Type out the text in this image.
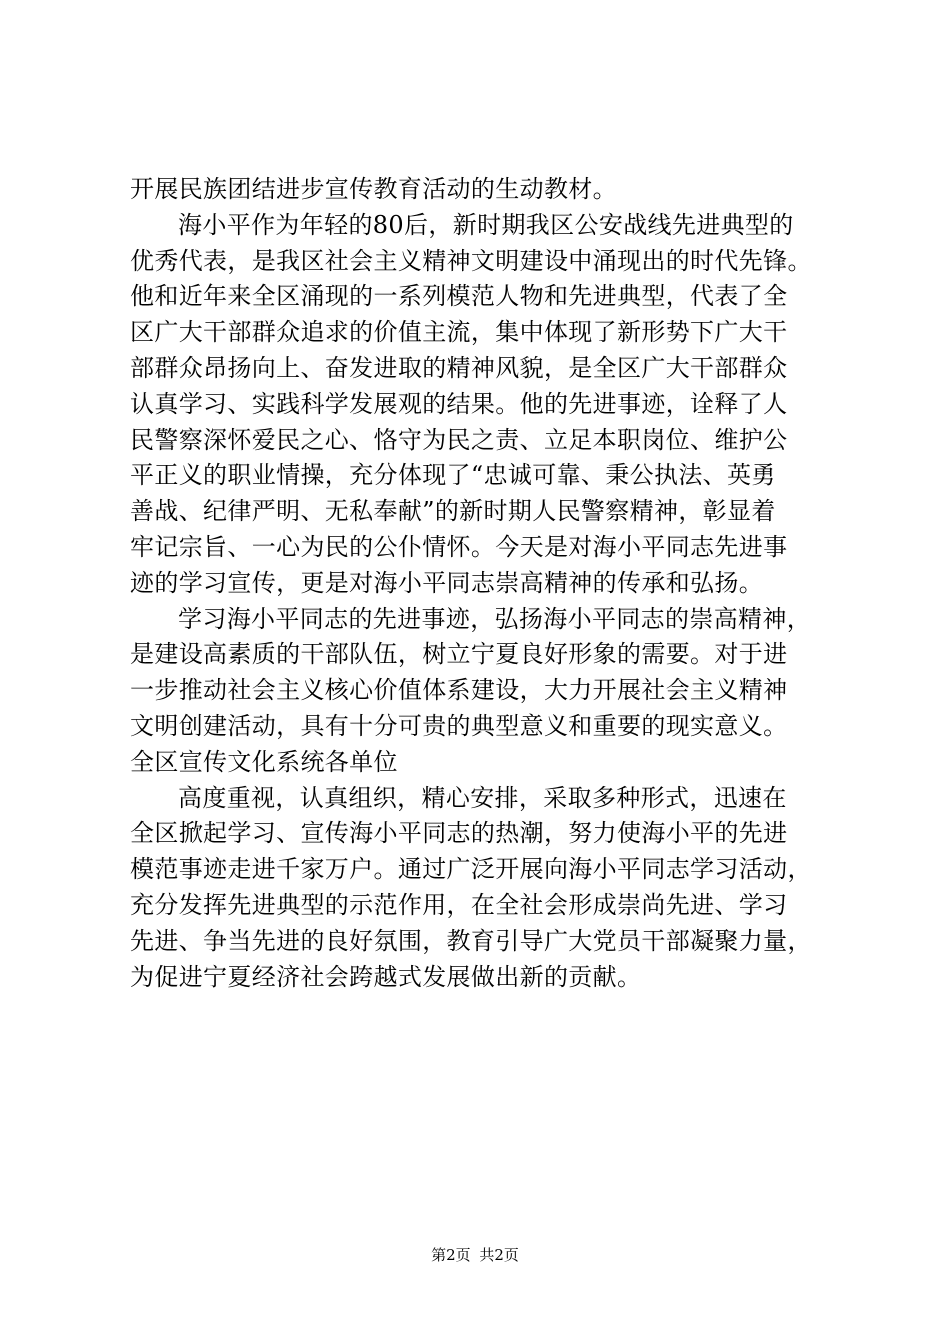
开展民族团结进步宣传教育活动的生动教材。
海小平作为年轻的80后，新时期我区公安战线先进典型的
优秀代表，是我区社会主义精神文明建设中涌现出的时代先锋。
他和近年来全区涌现的一系列模范人物和先进典型，代表了全
区广大干部群众追求的价值主流，集中体现了新形势下广大干
部群众昂扬向上、奋发进取的精神风貌，是全区广大干部群众
认真学习、实践科学发展观的结果。他的先进事迹，诠释了人
民警察深怀爱民之心、恪守为民之责、立足本职岗位、维护公
平正义的职业情操，充分体现了“忠诚可靠、秉公执法、英勇
善战、纪律严明、无私奉献”的新时期人民警察精神，彰显着
牢记宗旨、一心为民的公仆情怀。今天是对海小平同志先进事
迹的学习宣传，更是对海小平同志崇高精神的传承和弘扬。
学习海小平同志的先进事迹，弘扬海小平同志的崇高精神，
是建设高素质的干部队伍，树立宁夏良好形象的需要。对于进
一步推动社会主义核心价值体系建设，大力开展社会主义精神
文明创建活动，具有十分可贵的典型意义和重要的现实意义。
全区宣传文化系统各单位
高度重视，认真组织，精心安排，采取多种形式，迅速在
全区掀起学习、宣传海小平同志的热潮，努力使海小平的先进
模范事迹走进千家万户。通过广泛开展向海小平同志学习活动，
充分发挥先进典型的示范作用，在全社会形成崇尚先进、学习
先进、争当先进的良好氛围，教育引导广大党员干部凝聚力量，
为促进宁夏经济社会跨越式发展做出新的贡献。
第2页 共2页
